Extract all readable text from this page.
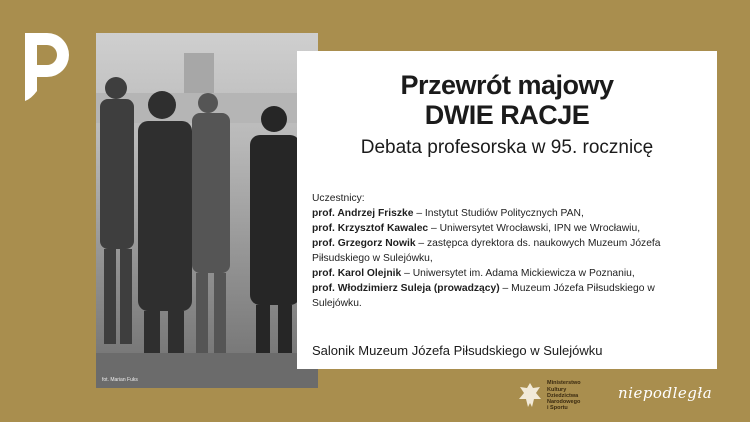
fot. Marian Fuks
Przewrót majowy
DWIE RACJE
Debata profesorska w 95. rocznicę
Uczestnicy:
prof. Andrzej Friszke – Instytut Studiów Politycznych PAN,
prof. Krzysztof Kawalec – Uniwersytet Wrocławski, IPN we Wrocławiu,
prof. Grzegorz Nowik – zastępca dyrektora ds. naukowych Muzeum Józefa Piłsudskiego w Sulejówku,
prof. Karol Olejnik – Uniwersytet im. Adama Mickiewicza w Poznaniu,
prof. Włodzimierz Suleja (prowadzący) – Muzeum Józefa Piłsudskiego w Sulejówku.
Salonik Muzeum Józefa Piłsudskiego w Sulejówku
Ministerstwo
Kultury
Dziedzictwa
Narodowego
i Sportu
niepodległa
